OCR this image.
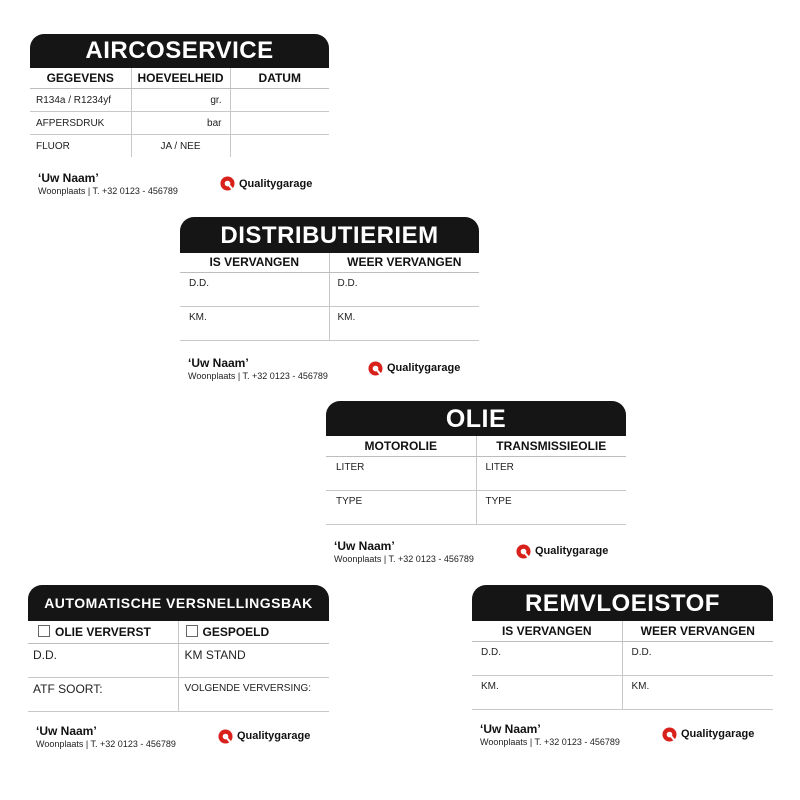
AIRCOSERVICE
GEGEVENS	HOEVEELHEID	DATUM
R134a / R1234yf	gr.	
AFPERSDRUK	bar	
FLUOR	JA / NEE	
‘Uw Naam’
Woonplaats | T. +32 0123 - 456789
Qualitygarage
DISTRIBUTIERIEM
IS VERVANGEN	WEER VERVANGEN
D.D.	D.D.
KM.	KM.
‘Uw Naam’
Woonplaats | T. +32 0123 - 456789
Qualitygarage
OLIE
MOTOROLIE	TRANSMISSIEOLIE
LITER	LITER
TYPE	TYPE
‘Uw Naam’
Woonplaats | T. +32 0123 - 456789
Qualitygarage
AUTOMATISCHE VERSNELLINGSBAK
OLIE VERVERST	GESPOELD
D.D.	KM STAND
ATF SOORT:	VOLGENDE VERVERSING:
‘Uw Naam’
Woonplaats | T. +32 0123 - 456789
Qualitygarage
REMVLOEISTOF
IS VERVANGEN	WEER VERVANGEN
D.D.	D.D.
KM.	KM.
‘Uw Naam’
Woonplaats | T. +32 0123 - 456789
Qualitygarage
